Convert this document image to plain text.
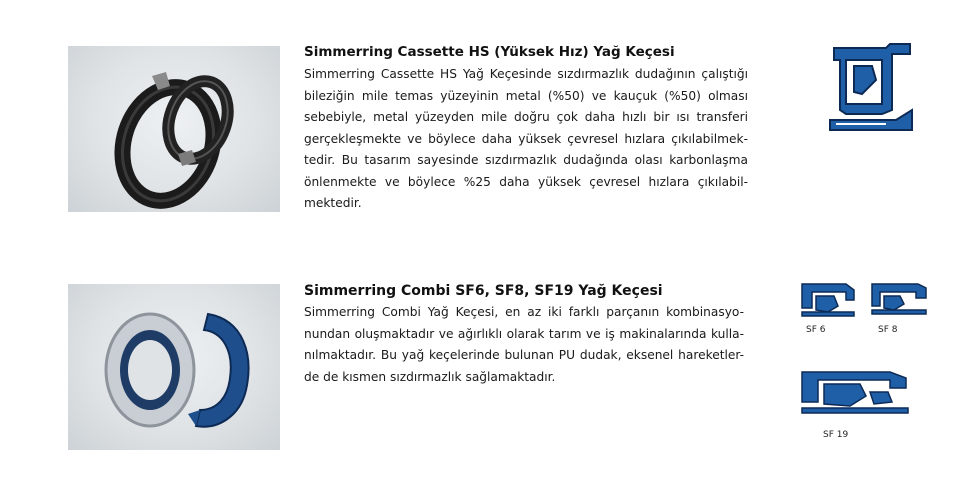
Simmerring Cassette HS (Yüksek Hız) Yağ Keçesi
Simmerring Cassette HS Yağ Keçesinde sızdırmazlık dudağının çalıştığı
bileziğin mile temas yüzeyinin metal (%50) ve kauçuk (%50) olması
sebebiyle, metal yüzeyden mile doğru çok daha hızlı bir ısı transferi
gerçekleşmekte ve böylece daha yüksek çevresel hızlara çıkılabilmek-
tedir. Bu tasarım sayesinde sızdırmazlık dudağında olası karbonlaşma
önlenmekte ve böylece %25 daha yüksek çevresel hızlara çıkılabil-
mektedir.
Simmerring Combi SF6, SF8, SF19 Yağ Keçesi
Simmerring Combi Yağ Keçesi, en az iki farklı parçanın kombinasyo-
nundan oluşmaktadır ve ağırlıklı olarak tarım ve iş makinalarında kulla-
nılmaktadır. Bu yağ keçelerinde bulunan PU dudak, eksenel hareketler-
de de kısmen sızdırmazlık sağlamaktadır.
SF 6	SF 8
SF 19
